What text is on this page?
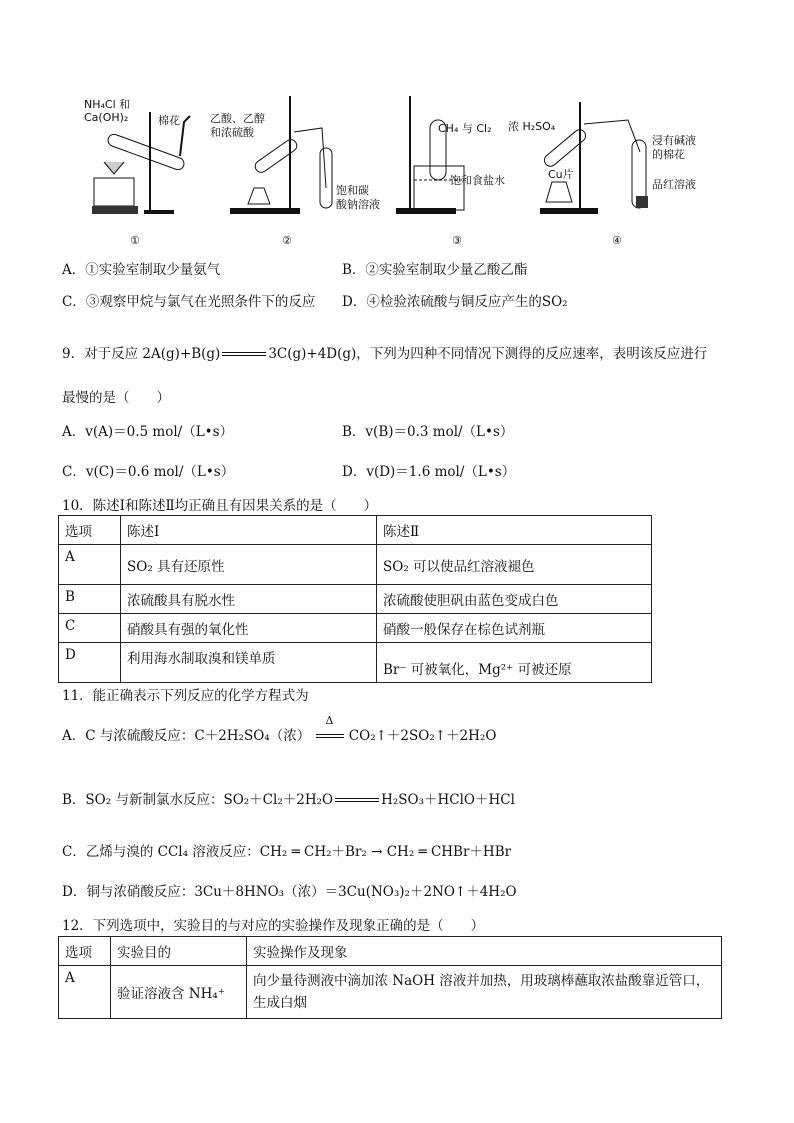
NH₄Cl 和
Ca(OH)₂	棉花
①
乙酸、乙醇
和浓硫酸
饱和碳
酸钠溶液
②
CH₄ 与 Cl₂
饱和食盐水
③
浓 H₂SO₄
Cu片
浸有碱液
的棉花
品红溶液
④
A．①实验室制取少量氨气	B．②实验室制取少量乙酸乙酯
C．③观察甲烷与氯气在光照条件下的反应 D．④检验浓硫酸与铜反应产生的SO₂
9．对于反应 2A(g)+B(g)	3C(g)+4D(g)，下列为四种不同情况下测得的反应速率，表明该反应进行
最慢的是（　　）
A．v(A)＝0.5 mol/（L•s）	B．v(B)＝0.3 mol/（L•s）
C．v(C)＝0.6 mol/（L•s）	D．v(D)＝1.6 mol/（L•s）
10．陈述Ⅰ和陈述Ⅱ均正确且有因果关系的是（　　）
选项	陈述Ⅰ	陈述Ⅱ
A	SO₂ 具有还原性	SO₂ 可以使品红溶液褪色
B	浓硫酸具有脱水性	浓硫酸使胆矾由蓝色变成白色
C	硝酸具有强的氧化性	硝酸一般保存在棕色试剂瓶
D	利用海水制取溴和镁单质	Br⁻ 可被氧化，Mg²⁺ 可被还原
11．能正确表示下列反应的化学方程式为
A．C 与浓硫酸反应：C＋2H₂SO₄（浓）
Δ
CO₂↑＋2SO₂↑＋2H₂O
B．SO₂ 与新制氯水反应：SO₂＋Cl₂＋2H₂O	H₂SO₃＋HClO＋HCl
C．乙烯与溴的 CCl₄ 溶液反应：CH₂ ═ CH₂＋Br₂ → CH₂ ═ CHBr＋HBr
D．铜与浓硝酸反应：3Cu＋8HNO₃（浓）＝3Cu(NO₃)₂＋2NO↑＋4H₂O
12．下列选项中，实验目的与对应的实验操作及现象正确的是（　　）
选项	实验目的	实验操作及现象
A	验证溶液含 NH₄⁺	向少量待测液中滴加浓 NaOH 溶液并加热，用玻璃棒蘸取浓盐酸靠近管口，
生成白烟
